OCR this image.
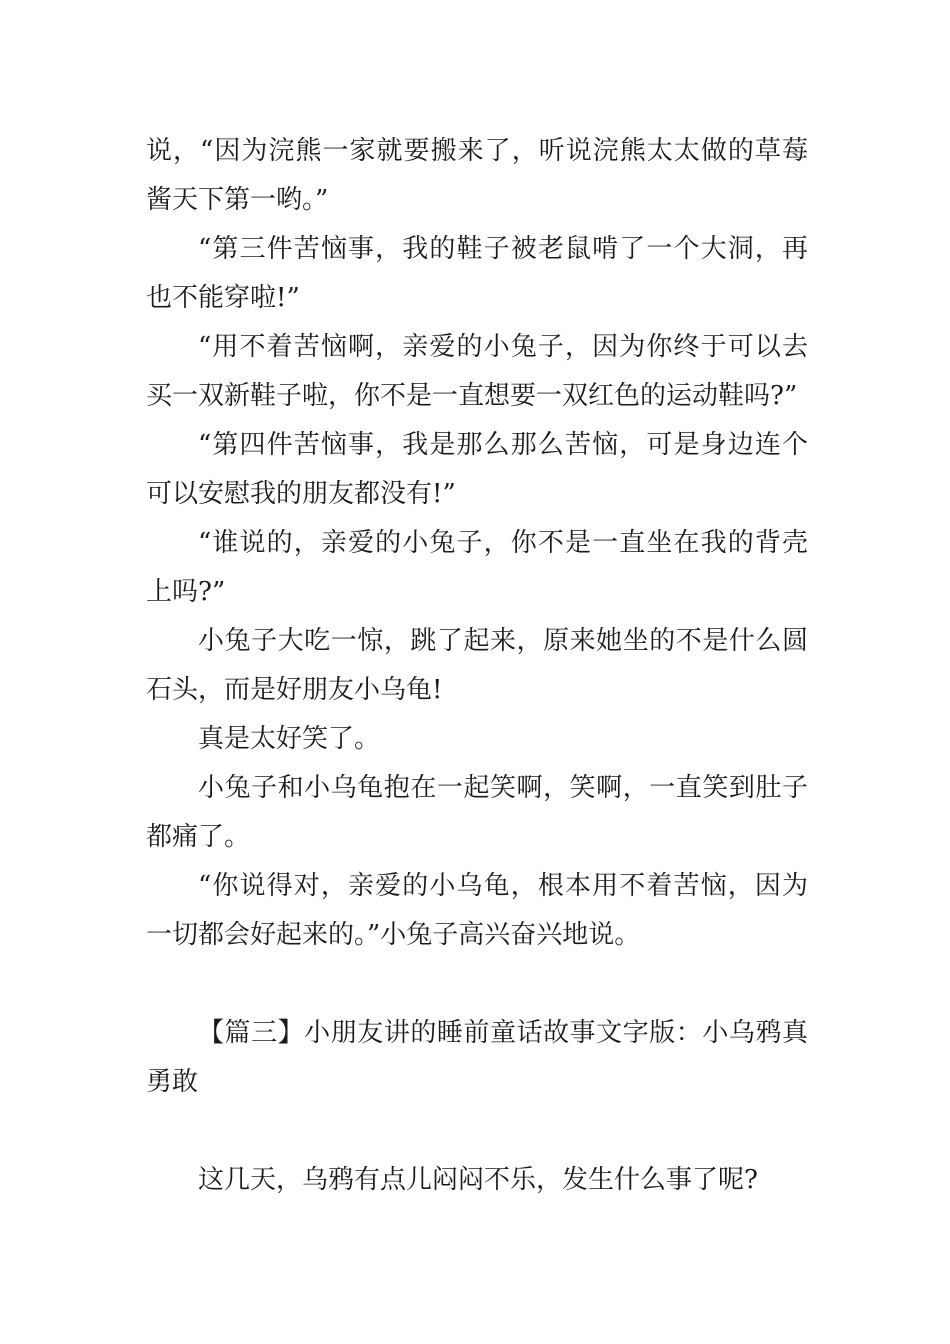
说，“因为浣熊一家就要搬来了，听说浣熊太太做的草莓酱天下第一哟。”

“第三件苦恼事，我的鞋子被老鼠啃了一个大洞，再也不能穿啦!”

“用不着苦恼啊，亲爱的小兔子，因为你终于可以去买一双新鞋子啦，你不是一直想要一双红色的运动鞋吗?”

“第四件苦恼事，我是那么那么苦恼，可是身边连个可以安慰我的朋友都没有!”

“谁说的，亲爱的小兔子，你不是一直坐在我的背壳上吗?”

小兔子大吃一惊，跳了起来，原来她坐的不是什么圆石头，而是好朋友小乌龟!

真是太好笑了。

小兔子和小乌龟抱在一起笑啊，笑啊，一直笑到肚子都痛了。

“你说得对，亲爱的小乌龟，根本用不着苦恼，因为一切都会好起来的。”小兔子高兴奋兴地说。

【篇三】小朋友讲的睡前童话故事文字版：小乌鸦真勇敢

这几天，乌鸦有点儿闷闷不乐，发生什么事了呢?
